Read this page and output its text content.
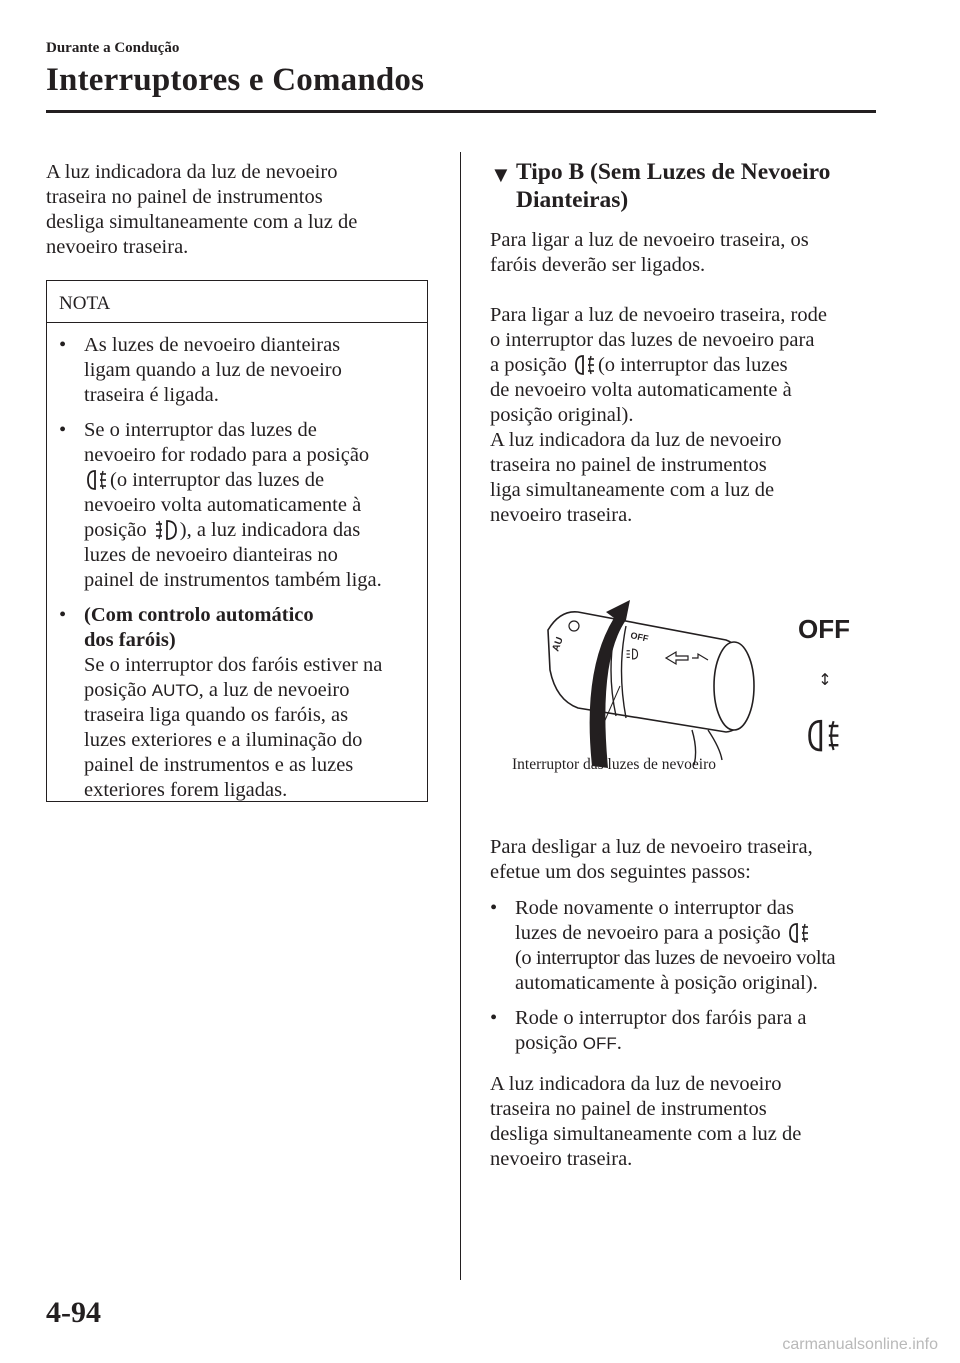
Durante a Condução
Interruptores e Comandos

A luz indicadora da luz de nevoeiro

traseira no painel de instrumentos

desliga simultaneamente com a luz de

nevoeiro traseira.

NOTA
• As luzes de nevoeiro dianteiras

ligam quando a luz de nevoeiro

traseira é ligada.

• Se o interruptor das luzes de

nevoeiro for rodado para a posição

(o interruptor das luzes de

nevoeiro volta automaticamente à

posição ), a luz indicadora das

luzes de nevoeiro dianteiras no

painel de instrumentos também liga.

• (Com controlo automático

dos faróis)

Se o interruptor dos faróis estiver na

posição AUTO, a luz de nevoeiro

traseira liga quando os faróis, as

luzes exteriores e a iluminação do

painel de instrumentos e as luzes

exteriores forem ligadas.

▼ Tipo B (Sem Luzes de Nevoeiro
Dianteiras)

Para ligar a luz de nevoeiro traseira, os

faróis deverão ser ligados.

Para ligar a luz de nevoeiro traseira, rode

o interruptor das luzes de nevoeiro para

a posição (o interruptor das luzes

de nevoeiro volta automaticamente à

posição original).

A luz indicadora da luz de nevoeiro

traseira no painel de instrumentos

liga simultaneamente com a luz de

nevoeiro traseira.

AU	OFF	OFF
↕
Interruptor das luzes de nevoeiro

Para desligar a luz de nevoeiro traseira,

efetue um dos seguintes passos:

• Rode novamente o interruptor das

luzes de nevoeiro para a posição

(o interruptor das luzes de nevoeiro volta

automaticamente à posição original).

• Rode o interruptor dos faróis para a

posição OFF.

A luz indicadora da luz de nevoeiro

traseira no painel de instrumentos

desliga simultaneamente com a luz de

nevoeiro traseira.

4-94
carmanualsonline.info
